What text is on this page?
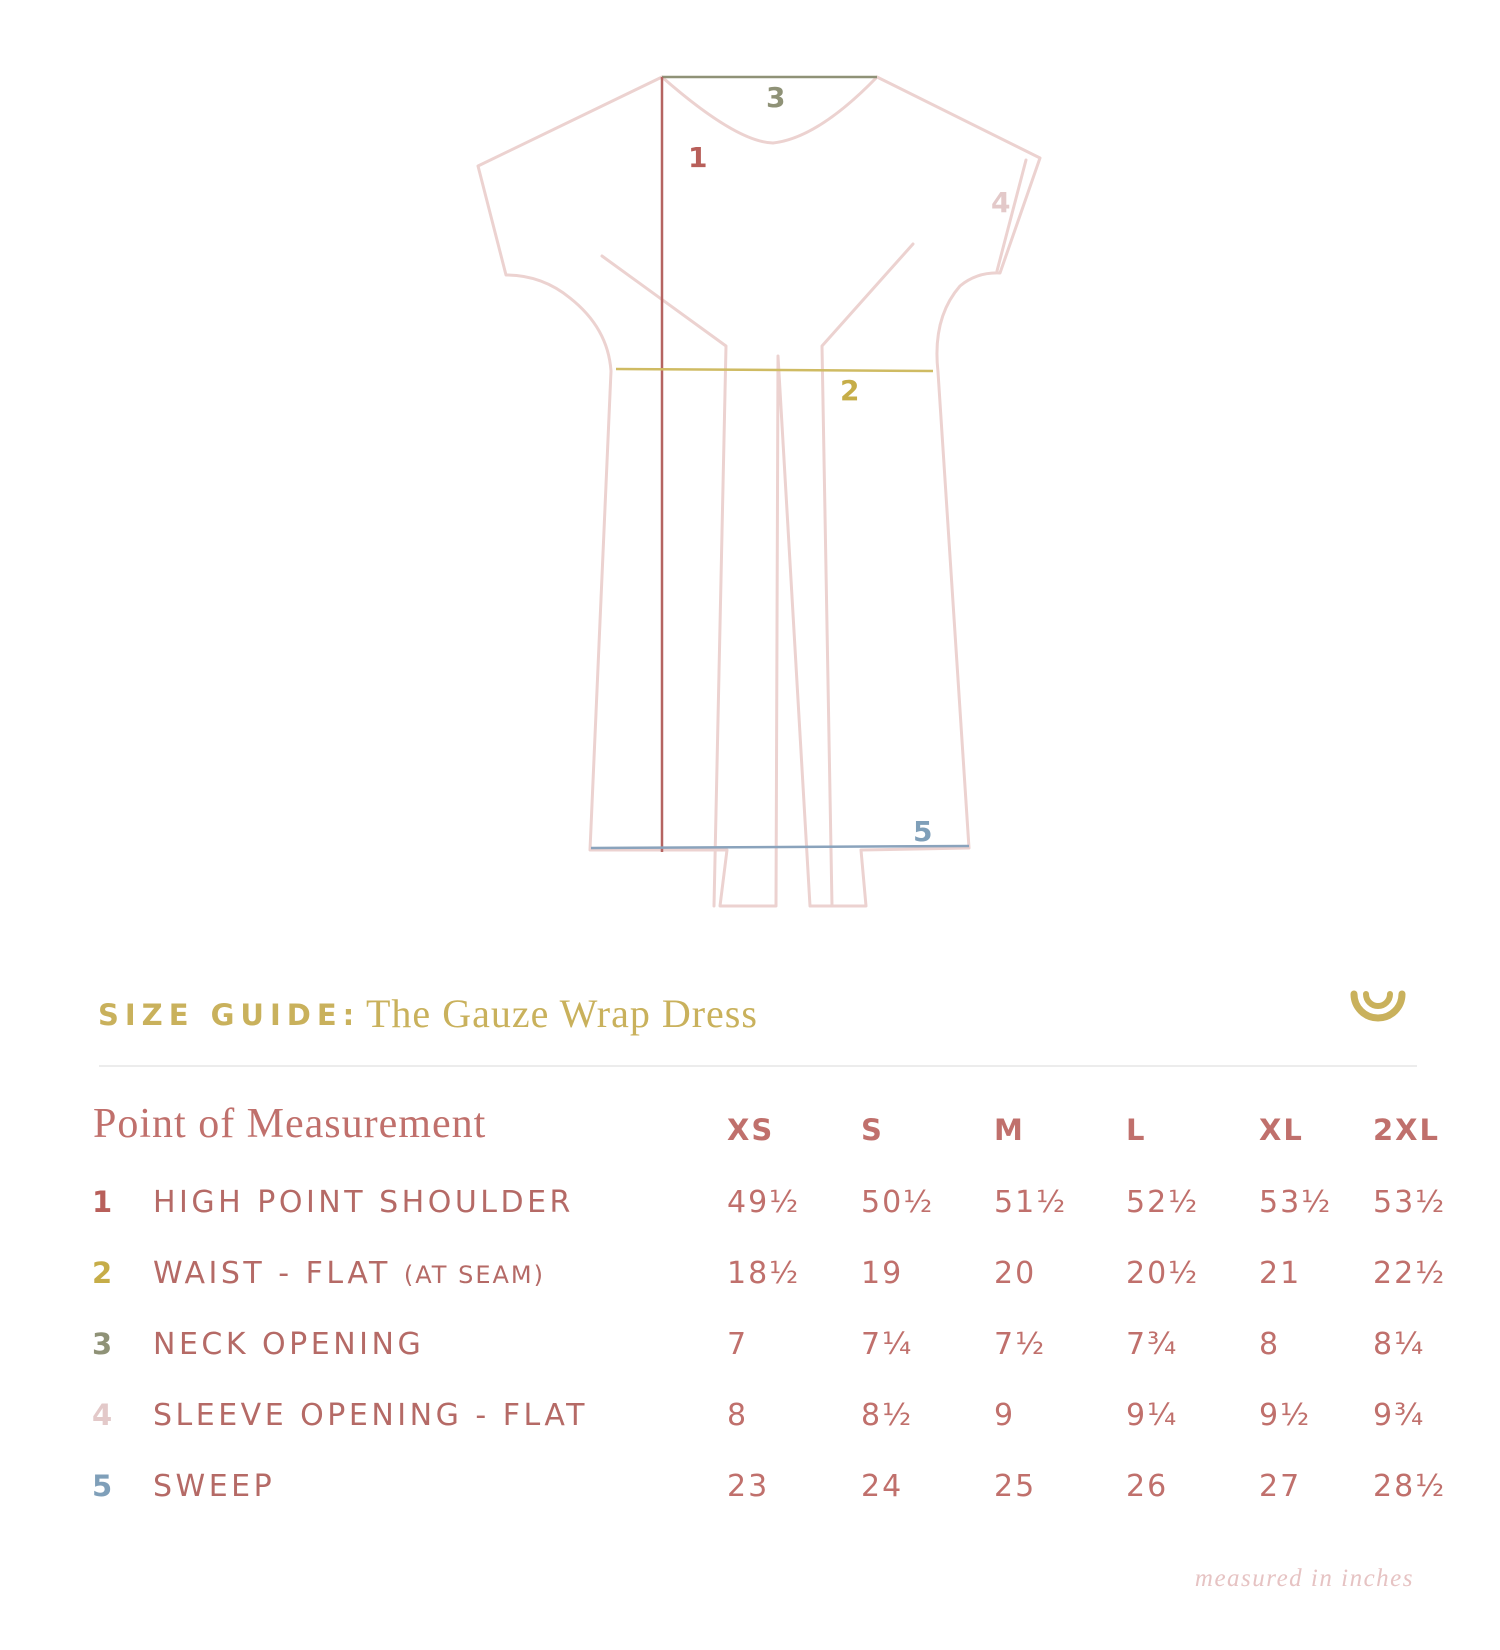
3
1
4
2
5
SIZE GUIDE: The Gauze Wrap Dress
Point of Measurement	XS	S	M	L	XL 2XL
1 HIGH POINT SHOULDER	49½ 50½ 51½ 52½ 53½ 53½
2 WAIST - FLAT (AT SEAM)	18½ 19	20	20½ 21 22½
3 NECK OPENING	7	7¼	7½	7¾	8	8¼
4 SLEEVE OPENING - FLAT	8	8½	9	9¼	9½ 9¾
5 SWEEP	23	24	25	26	27 28½
measured in inches
